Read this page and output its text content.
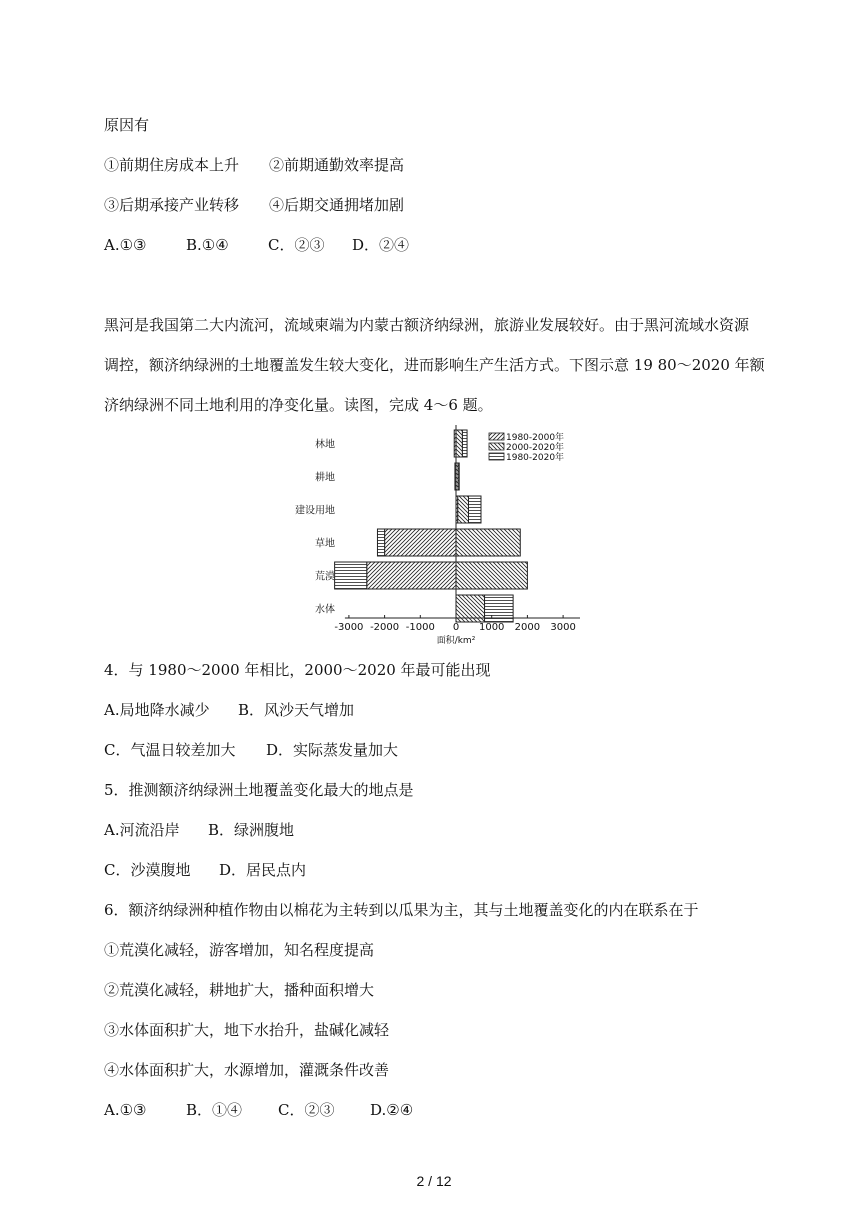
原因有
①前期住房成本上升 ②前期通勤效率提高
③后期承接产业转移 ④后期交通拥堵加剧
A.①③	B.①④	C．②③ D．②④
黑河是我国第二大内流河，流域柬端为内蒙古额济纳绿洲，旅游业发展较好。由于黑河流域水资源
调控，额济纳绿洲的土地覆盖发生较大变化，进而影响生产生活方式。下图示意 19 80～2020 年额
济纳绿洲不同土地利用的净变化量。读图，完成 4～6 题。
林地
耕地
建设用地
草地
荒漠
水体
-3000 -2000 -1000 0 1000 2000 3000
面积/km²
1980-2000年
2000-2020年
1980-2020年
4．与 1980～2000 年相比，2000～2020 年最可能出现
A.局地降水减少 B．风沙天气增加
C．气温日较差加大 D．实际蒸发量加大
5．推测额济纳绿洲土地覆盖变化最大的地点是
A.河流沿岸 B．绿洲腹地
C．沙漠腹地 D．居民点内
6．额济纳绿洲种植作物由以棉花为主转到以瓜果为主，其与土地覆盖变化的内在联系在于
①荒漠化减轻，游客增加，知名程度提高
②荒漠化减轻，耕地扩大，播种面积增大
③水体面积扩大，地下水抬升，盐碱化减轻
④水体面积扩大，水源增加，灌溉条件改善
A.①③	B．①④ C．②③ D.②④
2 / 12
